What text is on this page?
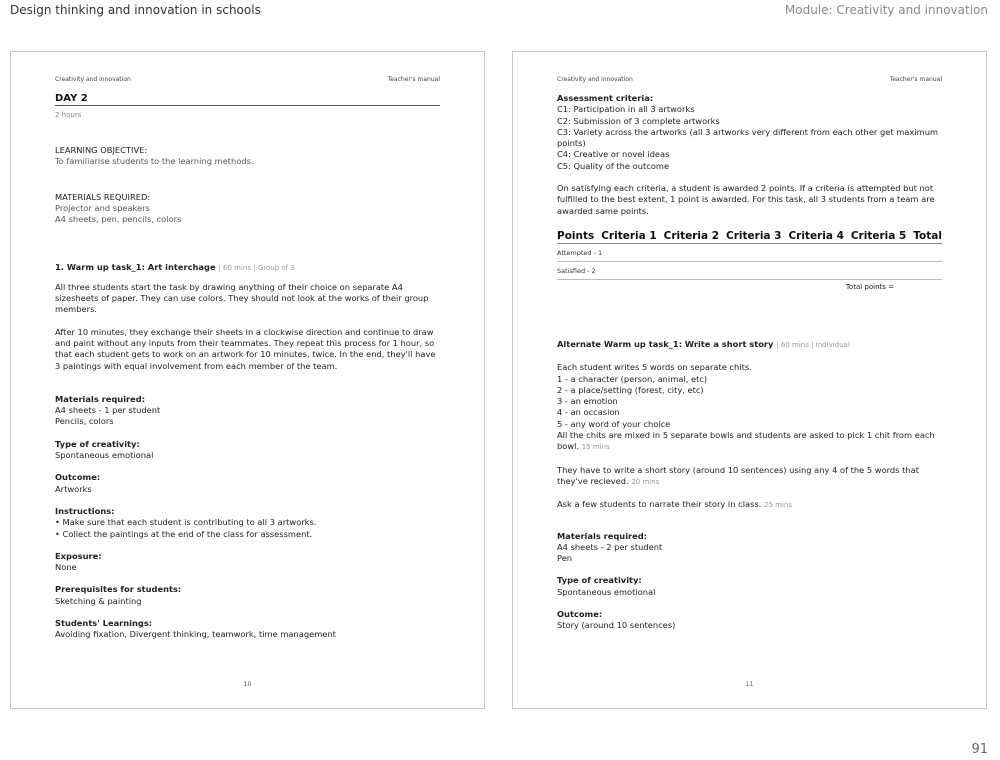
Design thinking and innovation in schools	Module: Creativity and innovation
Creativity and innovation	Teacher's manual
DAY 2
2 hours
LEARNING OBJECTIVE:
To familiarise students to the learning methods.
MATERIALS REQUIRED:
Projector and speakers
A4 sheets, pen, pencils, colors
1. Warm up task_1: Art interchage | 60 mins | Group of 3
All three students start the task by drawing anything of their choice on separate A4 sizesheets of paper. They can use colors. They should not look at the works of their group members.
After 10 minutes, they exchange their sheets in a clockwise direction and continue to draw and paint without any inputs from their teammates. They repeat this process for 1 hour, so that each student gets to work on an artwork for 10 minutes, twice. In the end, they'll have 3 paintings with equal involvement from each member of the team.
Materials required:
A4 sheets - 1 per student
Pencils, colors
Type of creativity:
Spontaneous emotional
Outcome:
Artworks
Instructions:
• Make sure that each student is contributing to all 3 artworks.
• Collect the paintings at the end of the class for assessment.
Exposure:
None
Prerequisites for students:
Sketching & painting
Students' Learnings:
Avoiding fixation, Divergent thinking, teamwork, time management
10
Creativity and innovation	Teacher's manual
Assessment criteria:
C1: Participation in all 3 artworks
C2: Submission of 3 complete artworks
C3: Variety across the artworks (all 3 artworks very different from each other get maximum points)
C4: Creative or novel ideas
C5: Quality of the outcome
On satisfying each criteria, a student is awarded 2 points. If a criteria is attempted but not fulfilled to the best extent, 1 point is awarded. For this task, all 3 students from a team are awarded same points.
Points Criteria 1 Criteria 2 Criteria 3 Criteria 4 Criteria 5 Total
Attempted - 1
Satisfied - 2
Total points =
Alternate Warm up task_1: Write a short story | 60 mins | Individual
Each student writes 5 words on separate chits.
1 - a character (person, animal, etc)
2 - a place/setting (forest, city, etc)
3 - an emotion
4 - an occasion
5 - any word of your choice
All the chits are mixed in 5 separate bowls and students are asked to pick 1 chit from each bowl. 15 mins
They have to write a short story (around 10 sentences) using any 4 of the 5 words that they've recieved. 20 mins
Ask a few students to narrate their story in class. 25 mins
Materials required:
A4 sheets - 2 per student
Pen
Type of creativity:
Spontaneous emotional
Outcome:
Story (around 10 sentences)
11
91
